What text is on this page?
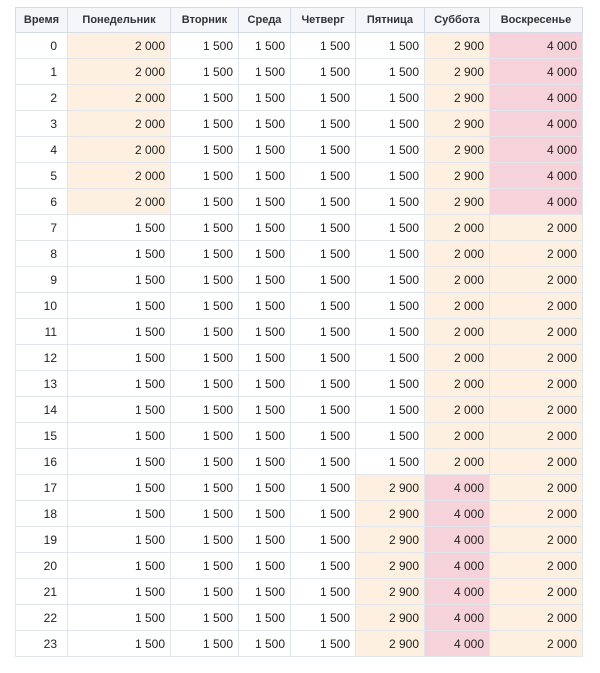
Время	Понедельник	Вторник	Среда	Четверг	Пятница	Суббота	Воскресенье
0	2 000	1 500	1 500	1 500	1 500	2 900	4 000
1	2 000	1 500	1 500	1 500	1 500	2 900	4 000
2	2 000	1 500	1 500	1 500	1 500	2 900	4 000
3	2 000	1 500	1 500	1 500	1 500	2 900	4 000
4	2 000	1 500	1 500	1 500	1 500	2 900	4 000
5	2 000	1 500	1 500	1 500	1 500	2 900	4 000
6	2 000	1 500	1 500	1 500	1 500	2 900	4 000
7	1 500	1 500	1 500	1 500	1 500	2 000	2 000
8	1 500	1 500	1 500	1 500	1 500	2 000	2 000
9	1 500	1 500	1 500	1 500	1 500	2 000	2 000
10	1 500	1 500	1 500	1 500	1 500	2 000	2 000
11	1 500	1 500	1 500	1 500	1 500	2 000	2 000
12	1 500	1 500	1 500	1 500	1 500	2 000	2 000
13	1 500	1 500	1 500	1 500	1 500	2 000	2 000
14	1 500	1 500	1 500	1 500	1 500	2 000	2 000
15	1 500	1 500	1 500	1 500	1 500	2 000	2 000
16	1 500	1 500	1 500	1 500	1 500	2 000	2 000
17	1 500	1 500	1 500	1 500	2 900	4 000	2 000
18	1 500	1 500	1 500	1 500	2 900	4 000	2 000
19	1 500	1 500	1 500	1 500	2 900	4 000	2 000
20	1 500	1 500	1 500	1 500	2 900	4 000	2 000
21	1 500	1 500	1 500	1 500	2 900	4 000	2 000
22	1 500	1 500	1 500	1 500	2 900	4 000	2 000
23	1 500	1 500	1 500	1 500	2 900	4 000	2 000
